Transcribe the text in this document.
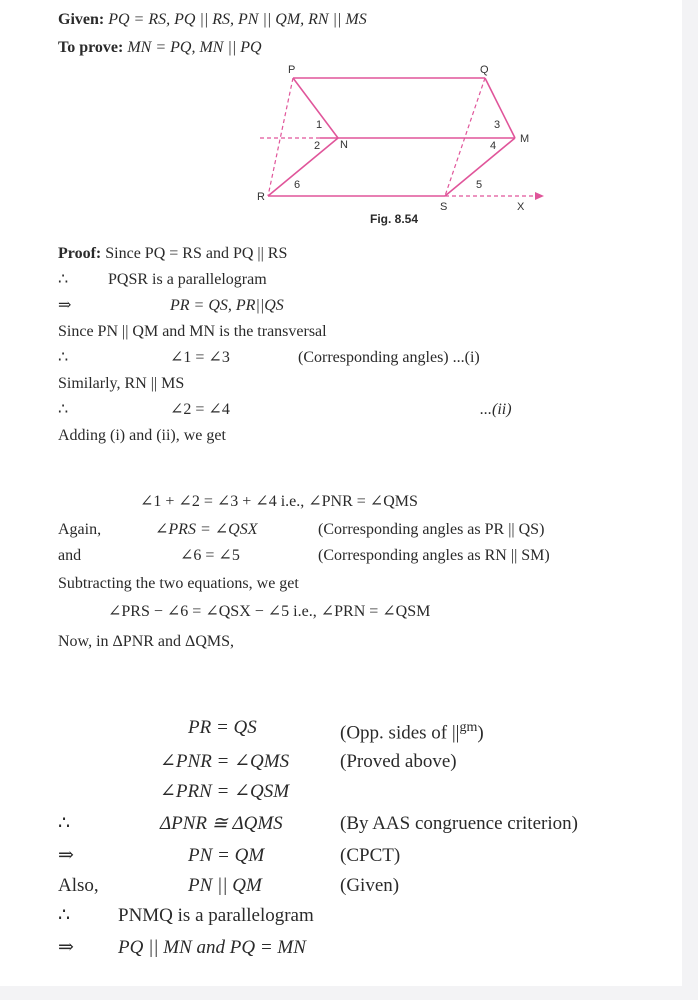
Given: PQ = RS, PQ || RS, PN || QM, RN || MS
To prove: MN = PQ, MN || PQ
P	Q
R
S
M
N
X
1
2
3
4
5
6
Fig. 8.54
Proof: Since PQ = RS and PQ || RS
∴ PQSR is a parallelogram
⇒	PR = QS, PR||QS
Since PN || QM and MN is the transversal
∴	∠1 = ∠3	(Corresponding angles) ...(i)
Similarly, RN || MS
∴	∠2 = ∠4	...(ii)
Adding (i) and (ii), we get
∠1 + ∠2 = ∠3 + ∠4 i.e., ∠PNR = ∠QMS
Again,	∠PRS = ∠QSX	(Corresponding angles as PR || QS)
and	∠6 = ∠5	(Corresponding angles as RN || SM)
Subtracting the two equations, we get
∠PRS − ∠6 = ∠QSX − ∠5 i.e., ∠PRN = ∠QSM
Now, in ΔPNR and ΔQMS,
PR = QS	(Opp. sides of $||^{gm}$)
∠PNR = ∠QMS	(Proved above)
∠PRN = ∠QSM
∴	ΔPNR ≅ ΔQMS	(By AAS congruence criterion)
⇒	PN = QM	(CPCT)
Also,	PN || QM	(Given)
∴	PNMQ is a parallelogram
⇒ PQ || MN and PQ = MN
